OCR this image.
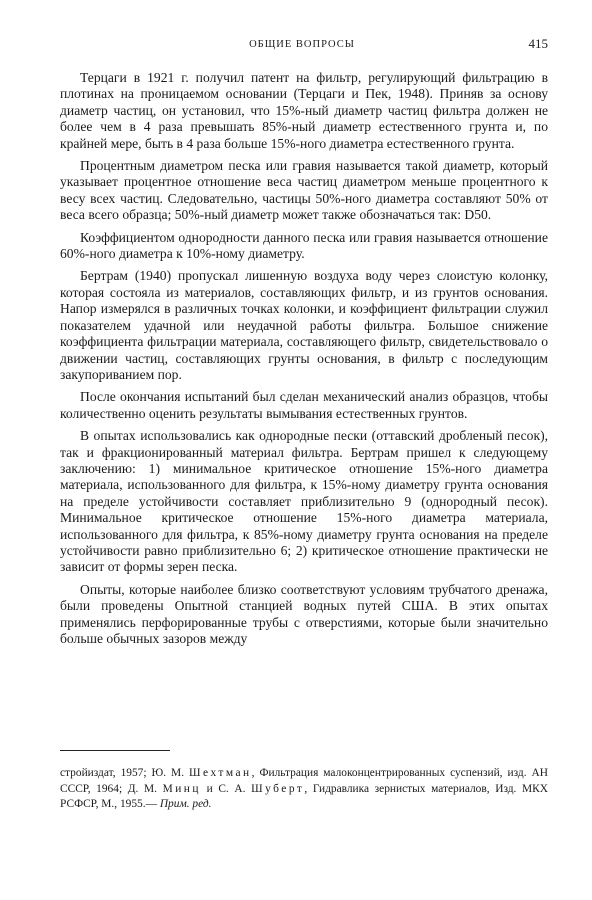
ОБЩИЕ ВОПРОСЫ	415

Терцаги в 1921 г. получил патент на фильтр, регулирующий фильтрацию в плотинах на проницаемом основании (Терцаги и Пек, 1948). Приняв за основу диаметр частиц, он установил, что 15%-ный диаметр частиц фильтра должен не более чем в 4 раза превышать 85%-ный диаметр естественного грунта и, по крайней мере, быть в 4 раза больше 15%-ного диаметра естественного грунта.

Процентным диаметром песка или гравия называется такой диаметр, который указывает процентное отношение веса частиц диаметром меньше процентного к весу всех частиц. Следовательно, частицы 50%-ного диаметра составляют 50% от веса всего образца; 50%-ный диаметр может также обозначаться так: D50.

Коэффициентом однородности данного песка или гравия называется отношение 60%-ного диаметра к 10%-ному диаметру.

Бертрам (1940) пропускал лишенную воздуха воду через слоистую колонку, которая состояла из материалов, составляющих фильтр, и из грунтов основания. Напор измерялся в различных точках колонки, и коэффициент фильтрации служил показателем удачной или неудачной работы фильтра. Большое снижение коэффициента фильтрации материала, составляющего фильтр, свидетельствовало о движении частиц, составляющих грунты основания, в фильтр с последующим закупориванием пор.

После окончания испытаний был сделан механический анализ образцов, чтобы количественно оценить результаты вымывания естественных грунтов.

В опытах использовались как однородные пески (оттавский дробленый песок), так и фракционированный материал фильтра. Бертрам пришел к следующему заключению: 1) минимальное критическое отношение 15%-ного диаметра материала, использованного для фильтра, к 15%-ному диаметру грунта основания на пределе устойчивости составляет приблизительно 9 (однородный песок). Минимальное критическое отношение 15%-ного диаметра материала, использованного для фильтра, к 85%-ному диаметру грунта основания на пределе устойчивости равно приблизительно 6; 2) критическое отношение практически не зависит от формы зерен песка.

Опыты, которые наиболее близко соответствуют условиям трубчатого дренажа, были проведены Опытной станцией водных путей США. В этих опытах применялись перфорированные трубы с отверстиями, которые были значительно больше обычных зазоров между

стройиздат, 1957; Ю. М. Шехтман, Фильтрация малоконцентрированных суспензий, изд. АН СССР, 1964; Д. М. Минц и С. А. Шуберт, Гидравлика зернистых материалов, Изд. МКХ РСФСР, М., 1955.— Прим. ред.
